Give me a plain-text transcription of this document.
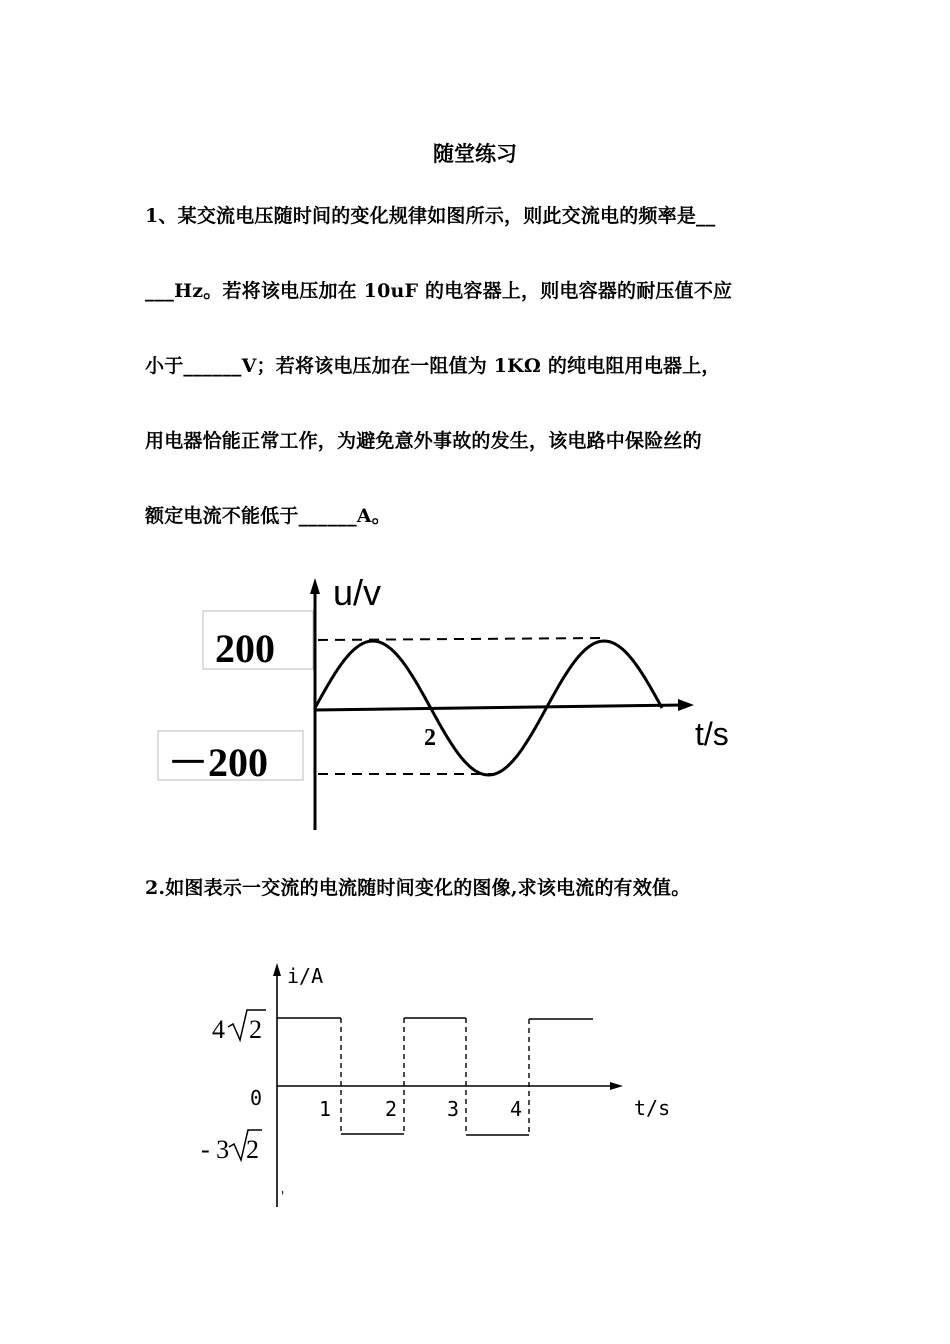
随堂练习
1、某交流电压随时间的变化规律如图所示，则此交流电的频率是__
___Hz。若将该电压加在 10uF 的电容器上，则电容器的耐压值不应
小于______V；若将该电压加在一阻值为 1KΩ 的纯电阻用电器上，
用电器恰能正常工作，为避免意外事故的发生，该电路中保险丝的
额定电流不能低于______A。
200
－200
2
u/v
t/s
2.如图表示一交流的电流随时间变化的图像,求该电流的有效值。
1	2 3	4
0
i/A
t/s
4 2
- 3 2
'
